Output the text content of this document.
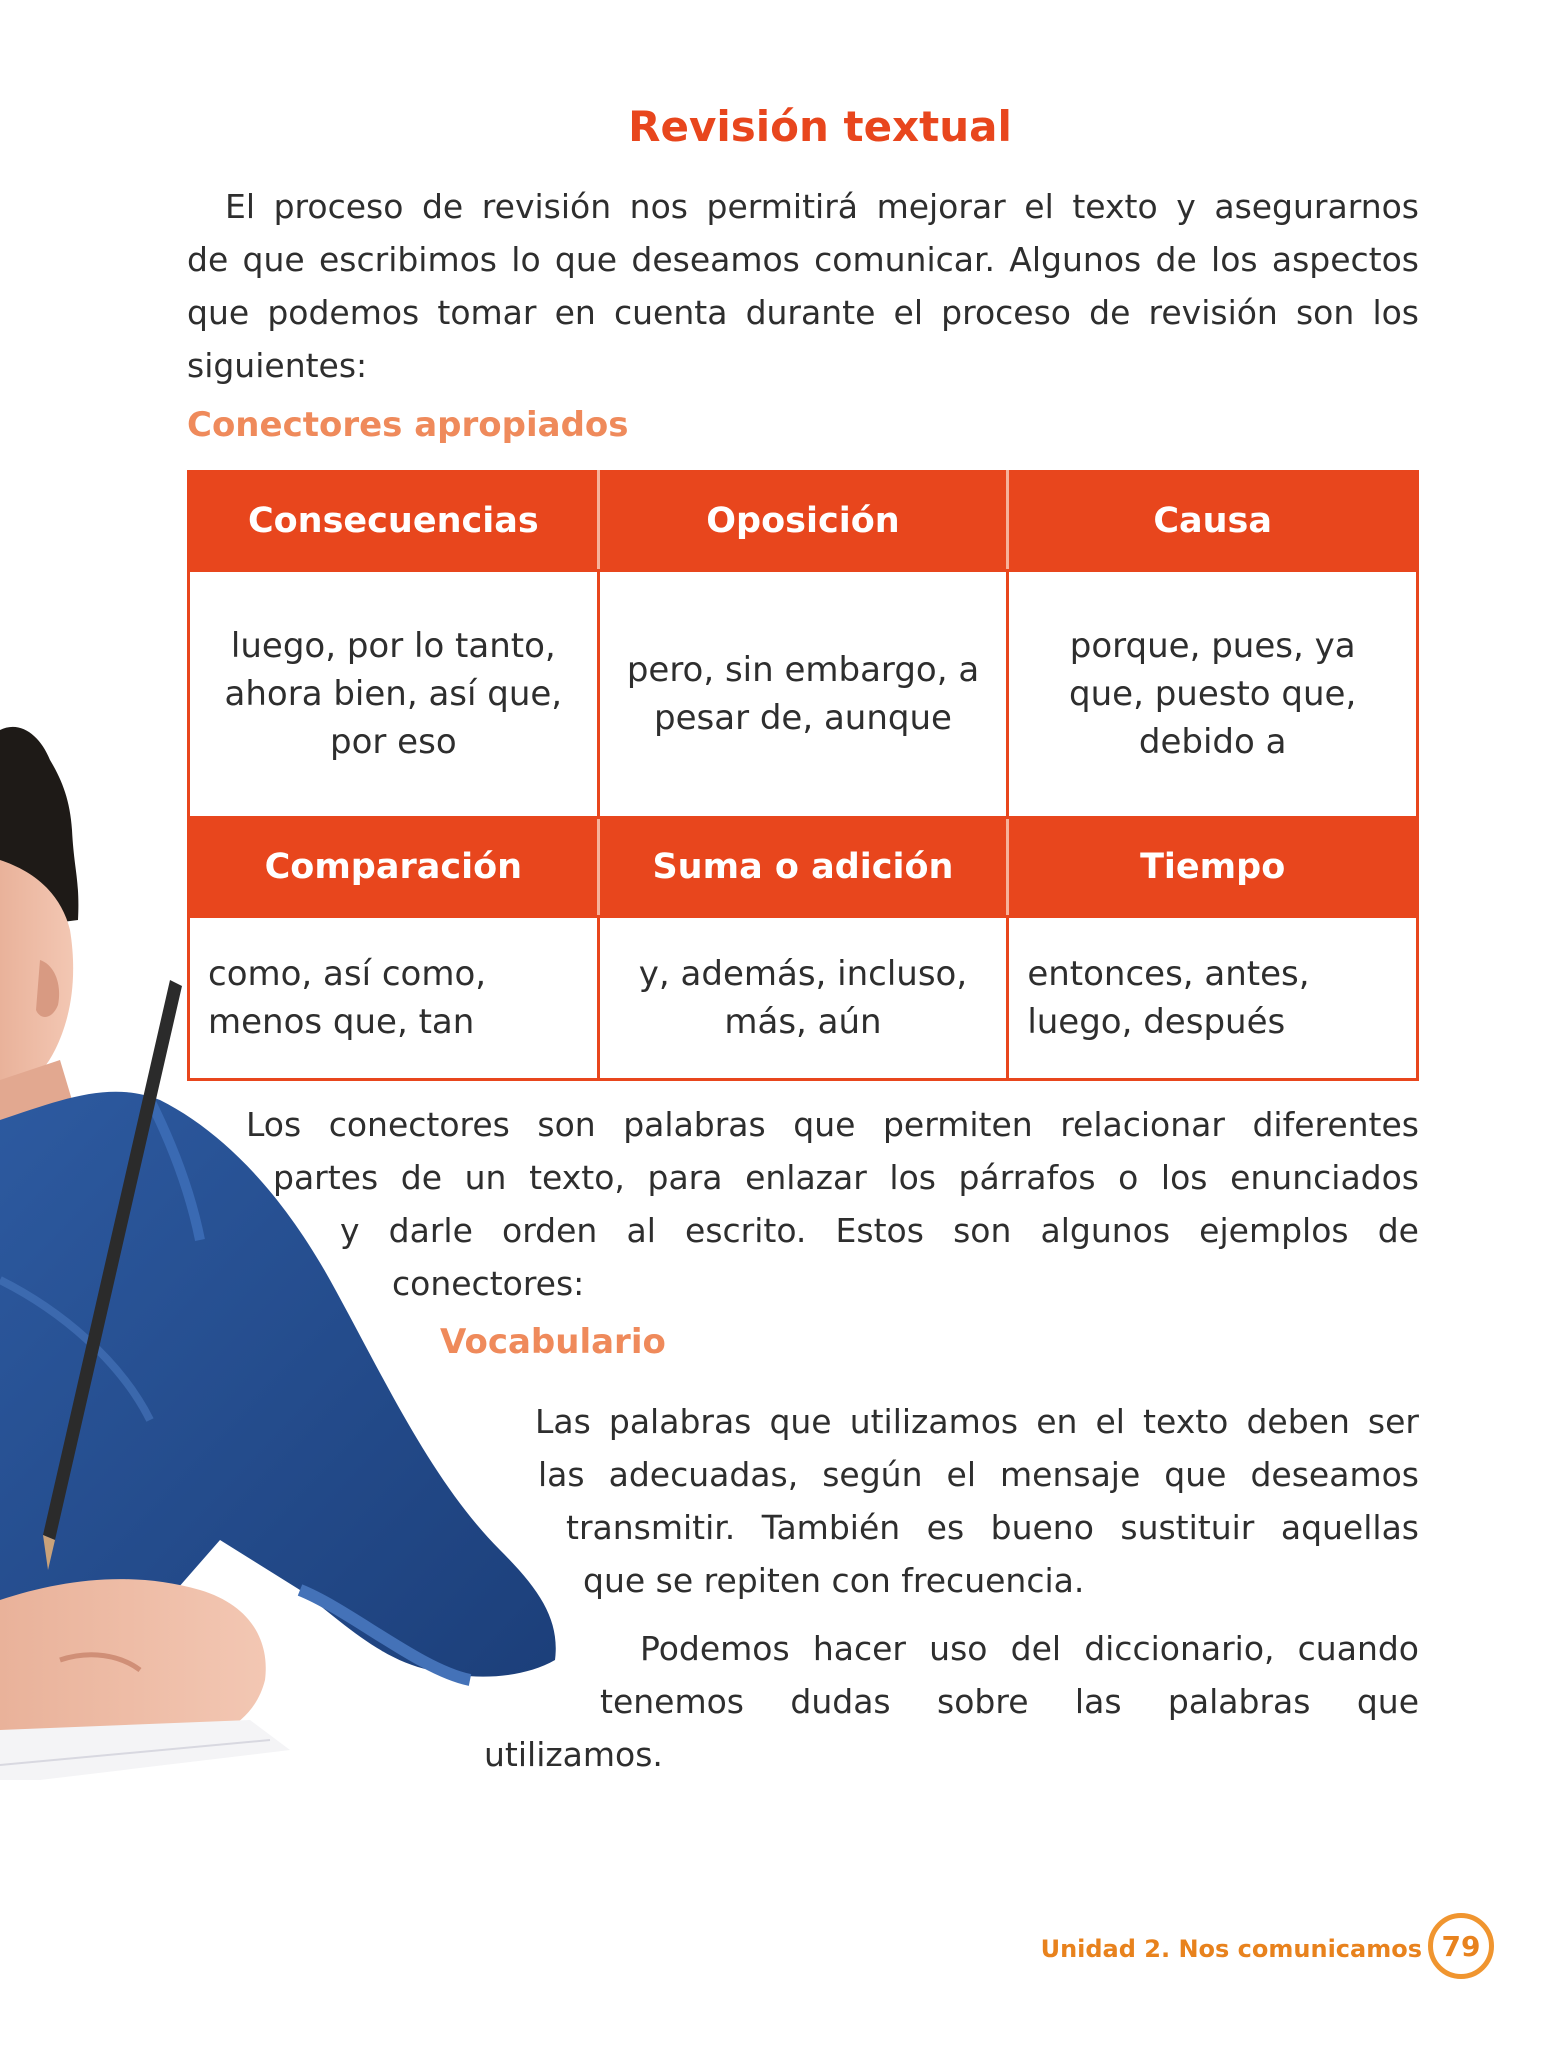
Revisión textual
El proceso de revisión nos permitirá mejorar el texto y asegurarnos
de que escribimos lo que deseamos comunicar. Algunos de los aspectos
que podemos tomar en cuenta durante el proceso de revisión son los
siguientes:
Conectores apropiados
Consecuencias	Oposición	Causa
luego, por lo tanto, ahora bien, así que, por eso	pero, sin embargo, a pesar de, aunque	porque, pues, ya que, puesto que, debido a
Comparación	Suma o adición	Tiempo
como, así como, menos que, tan	y, además, incluso, más, aún	entonces, antes, luego, después
Los conectores son palabras que permiten relacionar diferentes
partes de un texto, para enlazar los párrafos o los enunciados
y darle orden al escrito. Estos son algunos ejemplos de
conectores:
Vocabulario
Las palabras que utilizamos en el texto deben ser
las adecuadas, según el mensaje que deseamos
transmitir. También es bueno sustituir aquellas
que se repiten con frecuencia.
Podemos hacer uso del diccionario, cuando
tenemos dudas sobre las palabras que
utilizamos.
Unidad 2. Nos comunicamos 79
